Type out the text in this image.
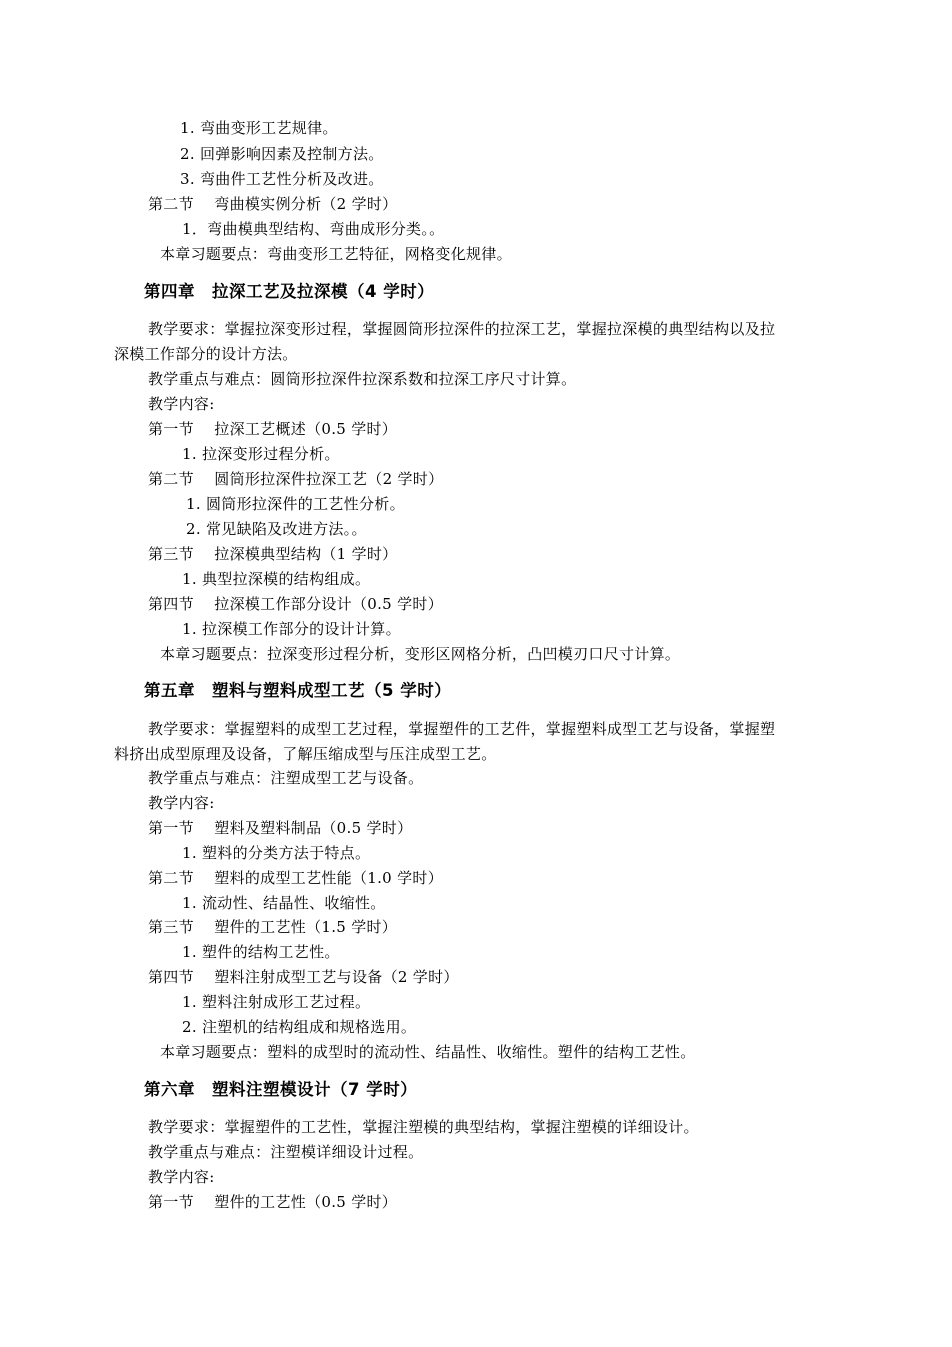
1. 弯曲变形工艺规律。
2. 回弹影响因素及控制方法。
3. 弯曲件工艺性分析及改进。
第二节　 弯曲模实例分析（2 学时）
1．弯曲模典型结构、弯曲成形分类。。
本章习题要点：弯曲变形工艺特征，网格变化规律。
第四章　拉深工艺及拉深模（4 学时）
教学要求：掌握拉深变形过程，掌握圆筒形拉深件的拉深工艺，掌握拉深模的典型结构以及拉
深模工作部分的设计方法。
教学重点与难点：圆筒形拉深件拉深系数和拉深工序尺寸计算。
教学内容:
第一节　 拉深工艺概述（0.5 学时）
1. 拉深变形过程分析。
第二节　 圆筒形拉深件拉深工艺（2 学时）
1. 圆筒形拉深件的工艺性分析。
2. 常见缺陷及改进方法。。
第三节　 拉深模典型结构（1 学时）
1. 典型拉深模的结构组成。
第四节　 拉深模工作部分设计（0.5 学时）
1. 拉深模工作部分的设计计算。
本章习题要点：拉深变形过程分析，变形区网格分析，凸凹模刃口尺寸计算。
第五章　塑料与塑料成型工艺（5 学时）
教学要求：掌握塑料的成型工艺过程，掌握塑件的工艺件，掌握塑料成型工艺与设备，掌握塑
料挤出成型原理及设备，了解压缩成型与压注成型工艺。
教学重点与难点：注塑成型工艺与设备。
教学内容:
第一节　 塑料及塑料制品（0.5 学时）
1. 塑料的分类方法于特点。
第二节　 塑料的成型工艺性能（1.0 学时）
1. 流动性、结晶性、收缩性。
第三节　 塑件的工艺性（1.5 学时）
1. 塑件的结构工艺性。
第四节　 塑料注射成型工艺与设备（2 学时）
1. 塑料注射成形工艺过程。
2. 注塑机的结构组成和规格选用。
本章习题要点：塑料的成型时的流动性、结晶性、收缩性。塑件的结构工艺性。
第六章　塑料注塑模设计（7 学时）
教学要求：掌握塑件的工艺性，掌握注塑模的典型结构，掌握注塑模的详细设计。
教学重点与难点：注塑模详细设计过程。
教学内容:
第一节　 塑件的工艺性（0.5 学时）
